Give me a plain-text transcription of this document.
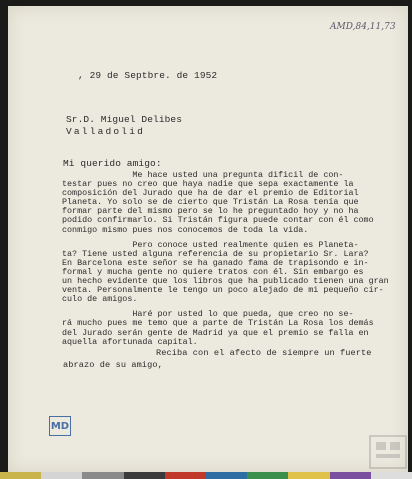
AMD,84,11,73
, 29 de Septbre. de 1952
Sr.D. Miguel Delibes
Valladolid
Mi querido amigo:
Me hace usted una pregunta dificil de con-
testar pues no creo que haya nadie que sepa exactamente la
composición del Jurado que ha de dar el premio de Editorial
Planeta. Yo solo se de cierto que Tristán La Rosa tenía que
formar parte del mismo pero se lo he preguntado hoy y no ha
podido confirmarlo. Si Tristán figura puede contar con él como
conmigo mismo pues nos conocemos de toda la vida.
Pero conoce usted realmente quien es Planeta-
ta? Tiene usted alguna referencia de su propietario Sr. Lara?
En Barcelona este señor se ha ganado fama de trapisondo e in-
formal y mucha gente no quiere tratos con él. Sin embargo es
un hecho evidente que los libros que ha publicado tienen una gran
venta. Personalmente le tengo un poco alejado de mi pequeño cír-
culo de amigos.
Haré por usted lo que pueda, que creo no se-
rá mucho pues me temo que a parte de Tristán La Rosa los demás
del Jurado serán gente de Madrid ya que el premio se falla en
aquella afortunada capital.
Reciba con el afecto de siempre un fuerte
abrazo de su amigo,
MD
